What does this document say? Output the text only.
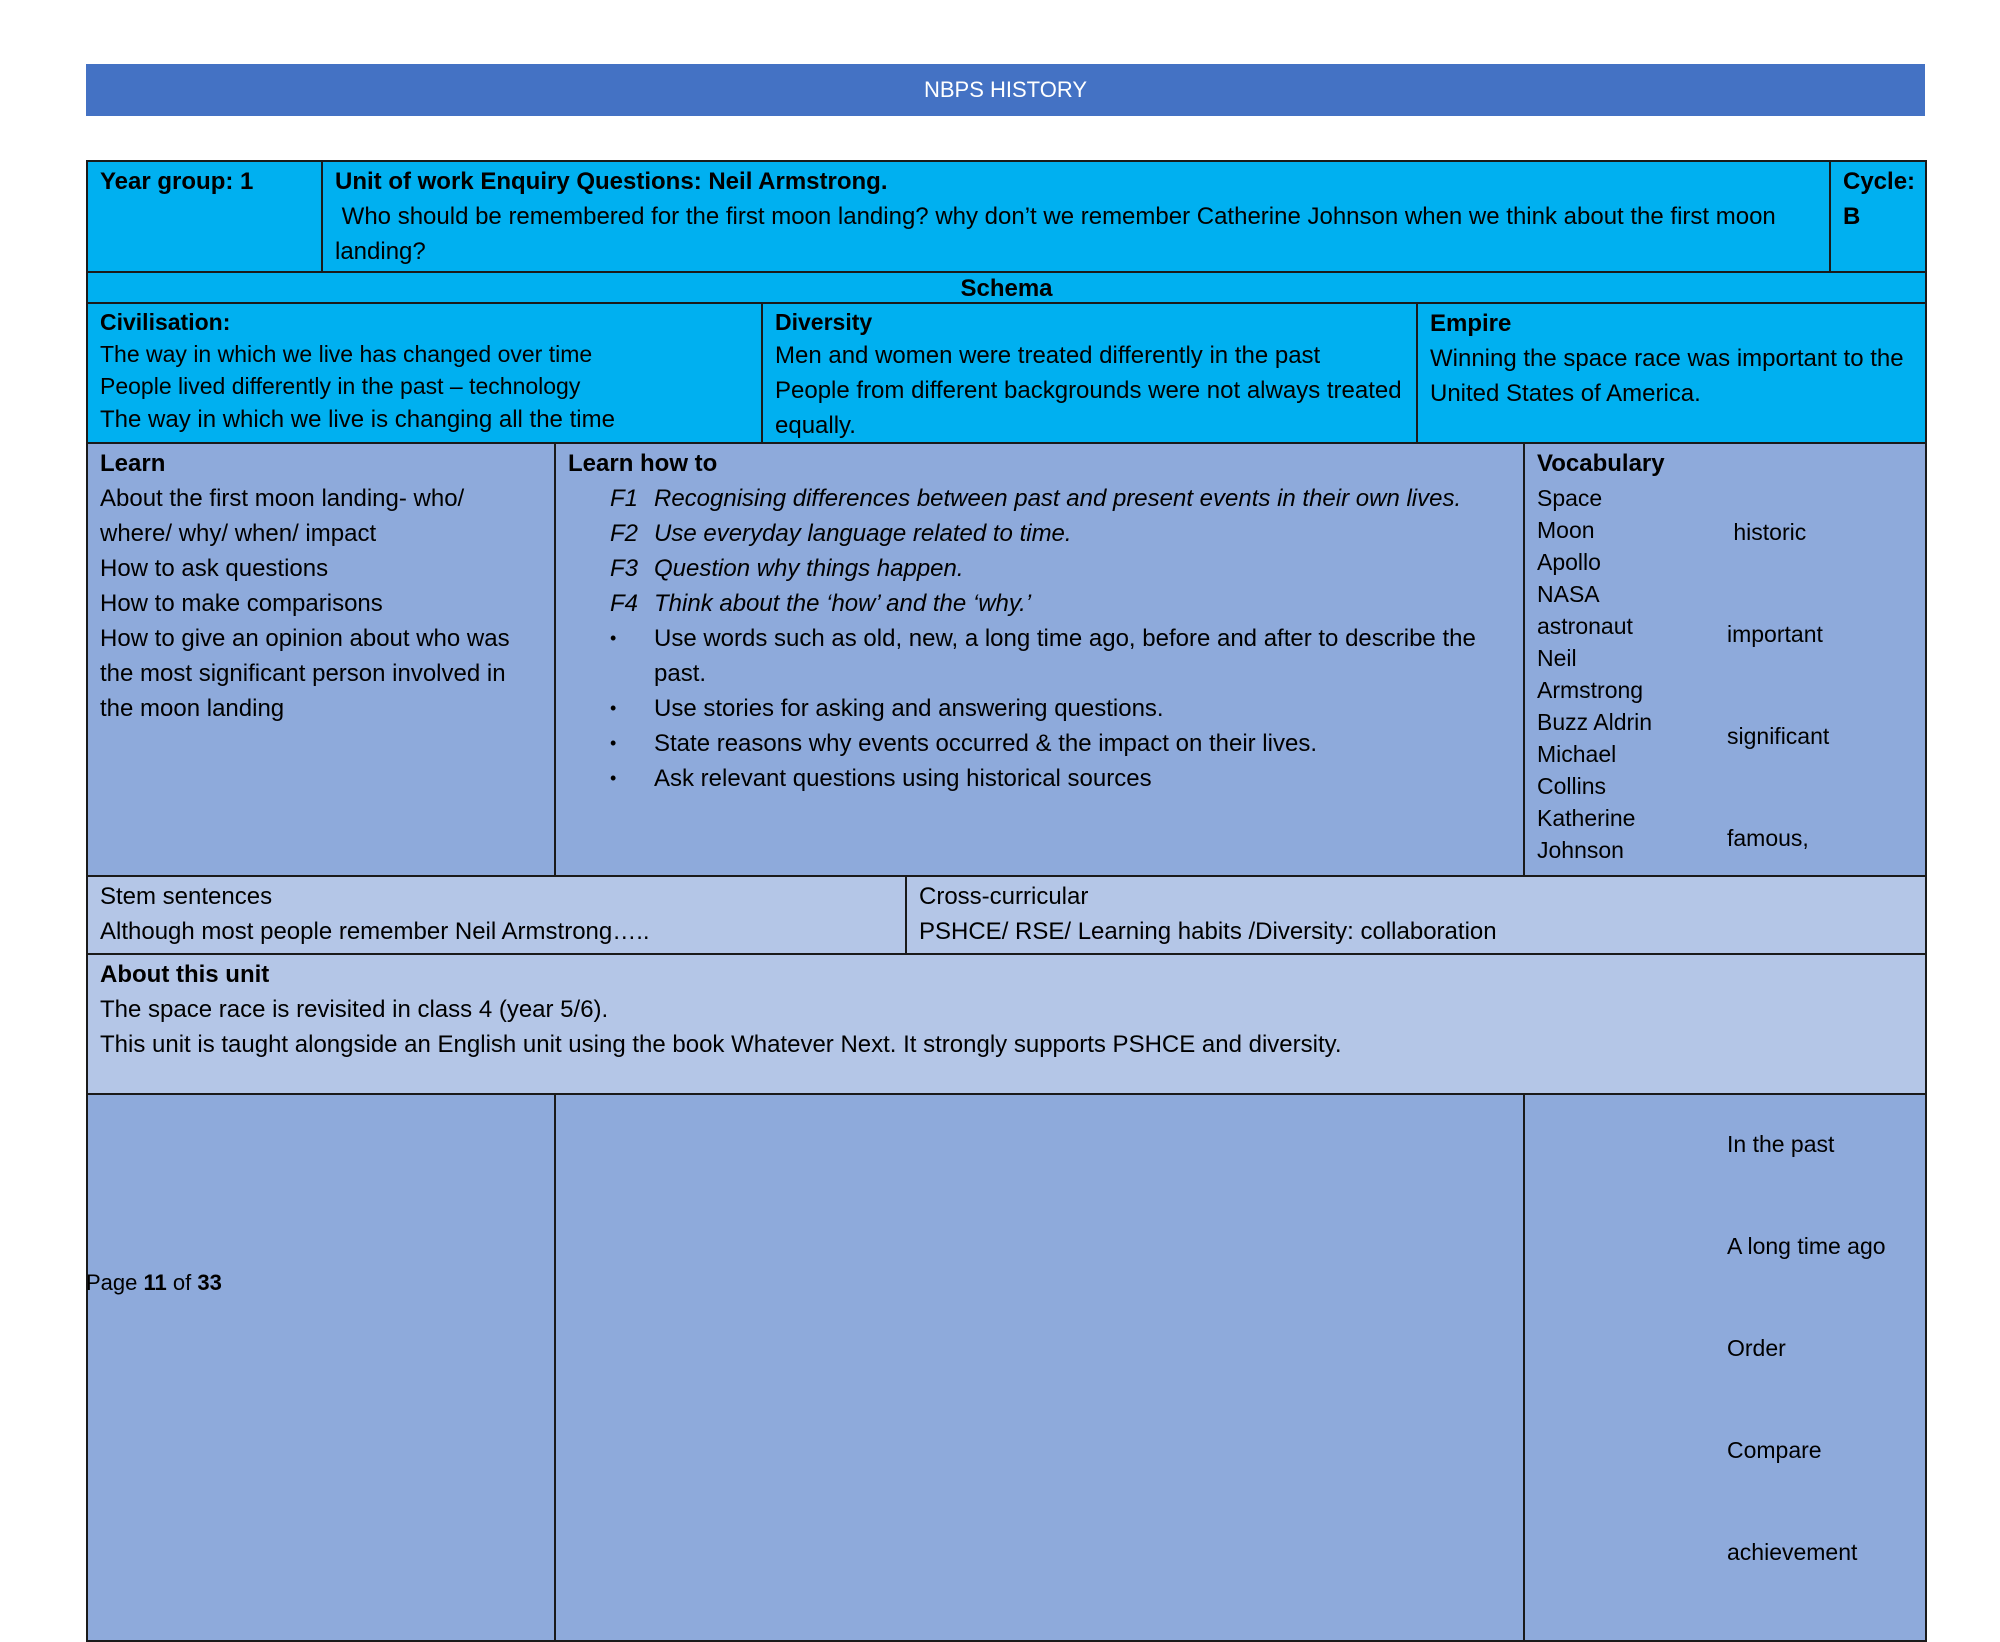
NBPS HISTORY
Year group: 1	Unit of work Enquiry Questions: Neil Armstrong.
Who should be remembered for the first moon landing? why don’t we remember Catherine Johnson when we think about the first moon landing?

Cycle:
B

Schema
Civilisation:
The way in which we live has changed over time
People lived differently in the past – technology
The way in which we live is changing all the time

Diversity
Men and women were treated differently in the past
People from different backgrounds were not always treated equally.

Empire
Winning the space race was important to the United States of America.
Learn
About the first moon landing- who/ where/ why/ when/ impact
How to ask questions
How to make comparisons
How to give an opinion about who was the most significant person involved in the moon landing

Learn how to
F1 Recognising differences between past and present events in their own lives.
F2 Use everyday language related to time.
F3 Question why things happen.
F4 Think about the ‘how’ and the ‘why.’
•	Use words such as old, new, a long time ago, before and after to describe the past.
•	Use stories for asking and answering questions.
•	State reasons why events occurred & the impact on their lives.
•	Ask relevant questions using historical sources

Vocabulary
Space
Moon
Apollo
NASA
astronaut
Neil
Armstrong
Buzz Aldrin
Michael
Collins
Katherine
Johnson

historic

important

significant

famous,

In the past

A long time ago

Order

Compare

achievement

Stem sentences
Although most people remember Neil Armstrong…..

Cross-curricular
PSHCE/ RSE/ Learning habits /Diversity: collaboration
About this unit
The space race is revisited in class 4 (year 5/6).
This unit is taught alongside an English unit using the book Whatever Next. It strongly supports PSHCE and diversity.
Page 11 of 33
